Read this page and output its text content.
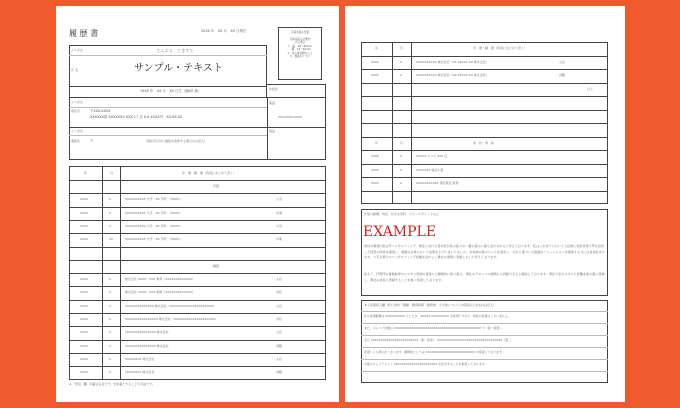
履 歴 書	20XX 年　XX 月　XX 日現在	写真を貼る位置
写真を貼る必要が
ある場合
1．縦　36～40mm
　横　24～30mm
2．本人単身胸から上
3．裏面のりづけ
ふりがな	さんぷる　てきすと
氏 名	サンプル・テキスト
19XX 年　XX 月　XX 日生（満XX 歳）	※性別
ふりがな
現住所	〒XXX-XXXX
XXXXXX県 XXXXXXX XXX 1丁目 X-X XXXX号　XX-XX-XX
電話
XXX-XXXX-XXXX
ふりがな
連絡先	〒	（現住所以外に連絡を希望する場合のみ記入）
電話
年	月	学　歴・職　歴（各別にまとめて書く）
学歴
20XX	X	XXXXXXXXXX 大学　XX 学科　（XXXX）	入学
20XX	X	XXXXXXXXXX 大学　XX 学科　（XXXX）	卒業
20XX	X	XXXXXXXXXX 大学　XX 学科　（XXXX）	入学
20XX	XX	XXXXXXXXXX 大学　XX 学科　（XXXX）	卒業
職歴
20XX	X	株式会社 XXXX・XXX 業界（XXXXXXXXXXXXX）	入社
20XX	X	株式会社 XXXX・XXX 業界（XXXXXXXXXXXXX）	退社
20XX	X	XXXXXXXXXXXXXX 株式会社（XXXXXXXXXXXXXXXXXXXXX）	入社
20XX	X	XXXXXXXXXXXXXXXX 株式会社（XXXXXXXXXXXXXXXXXXXX）	退社
20XX	X	XXXXXXXXXXXXXXX 株式会社	入社
20XX	X	XXXXXXXXXXXXXXX 株式会社	退職
20XX	X	XXXXXXXX 株式会社	入社
20XX	X	XXXXXXXX 株式会社	退職
※「性別」欄：記載は任意です。未記載とすることも可能です。
年	月	学　歴・職　歴（各別にまとめて書く）
20XX	X	XXXXXXXXXX 株式会社（XX XXXXX XX 株式会社）	入社
20XX	X	XXXXXXXXXX 株式会社（XX XXXXX XX 株式会社）	退職
以上
年	月	免　許・資　格
20XX	X	XXXXX スコア XXX 点
20XX	X	XXXXXXX 検定X 級
20XX	X	XXXXXXXXXXX 簿記検定 取得
志望の動機、特技、好きな学科、アピールポイントなど
EXAMPLE
貴社の事業内容はITコンサルティング、貴社における将来性が私の能力の一番の強みに最も活かされると考えております。私はこれまでにおいて入社時に技術営業でITを活用した経営の改革を提案し、複数の企業において成果を上げてまいりました。お客様の真のニーズを追求し、それに基づいた最適なソリューションを提案する力には自信があります。大手企業でのコンサルティング経験を活かして貴社の業務に貢献したいと考えております。
加えて、IT専門の資格取得やビジネス英語の習得にも積極的に取り組み、貴社のグローバル展開にも貢献できると確信しております。貴社で私のスキルと経験を最大限に発揮し、貴社の成長に貢献することを強く希望しております。
本人希望記入欄（特に給料・職種・勤務時間・勤務地・その他についての希望などがあれば記入）
私の希望勤務は XXXXXXXXXX でしたが、XXXXX XXXXXXXXX が希望ですので、特段の希望はございません。
また、キャリア計画は XXXXXXXXXXXXXXXXXXXXXXXXXXXXXXXXXXXXXXXXXXXX で（第一希望）、
また XXXXXXXXXXXXXXXXXXXXXXXX（第二希望）、XXXXXXXXXXXXXXXXXXXXXXXXXXXXXXXXX（第三
希望）にも関心がございます。勤務地としては XXXXXXXXXXXXXXXXXXXXXXXXX を希望しております。
今後のキャリアとして XXXXXXXXXXXXXXXXXXXXXX を担当することを希望しております。
